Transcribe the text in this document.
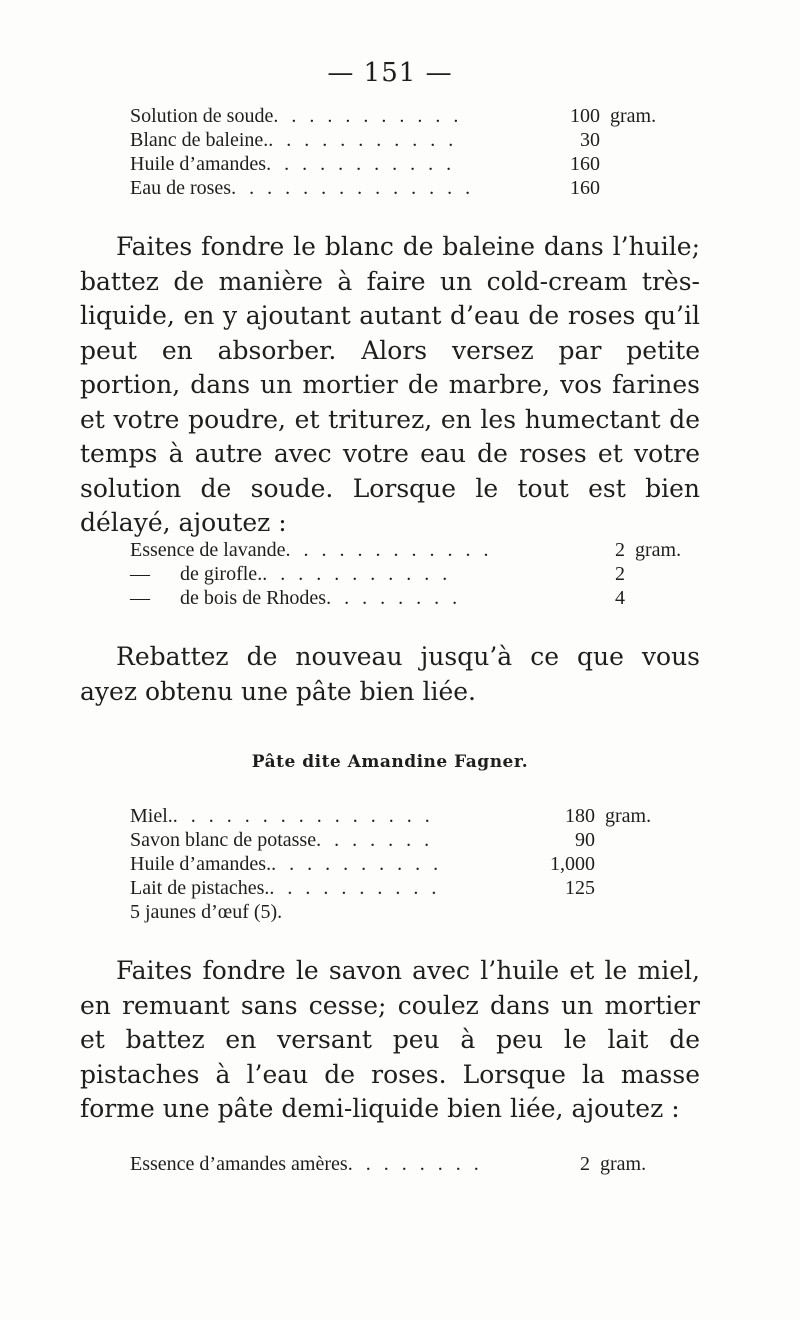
— 151 —
Solution de soude. . . . . . . . . . .	100 gram.
Blanc de baleine.. . . . . . . . . . .	30
Huile d’amandes. . . . . . . . . . .	160
Eau de roses. . . . . . . . . . . . . .	160

Faites fondre le blanc de baleine dans l’huile; battez de manière à faire un cold-cream très-liquide, en y ajoutant autant d’eau de roses qu’il peut en absorber. Alors versez par petite portion, dans un mortier de marbre, vos farines et votre poudre, et triturez, en les humectant de temps à autre avec votre eau de roses et votre solution de soude. Lorsque le tout est bien délayé, ajoutez :

Essence de lavande. . . . . . . . . . . .	2 gram.
—      de girofle.. . . . . . . . . . .	2
—      de bois de Rhodes. . . . . . . .	4

Rebattez de nouveau jusqu’à ce que vous ayez obtenu une pâte bien liée.

Pâte dite Amandine Fagner.
Miel.. . . . . . . . . . . . . . .	180 gram.
Savon blanc de potasse. . . . . . .	90
Huile d’amandes.. . . . . . . . . .	1,000
Lait de pistaches.. . . . . . . . . .	125
5 jaunes d’œuf (5).

Faites fondre le savon avec l’huile et le miel, en remuant sans cesse; coulez dans un mortier et battez en versant peu à peu le lait de pistaches à l’eau de roses. Lorsque la masse forme une pâte demi-liquide bien liée, ajoutez :

Essence d’amandes amères. . . . . . . .	2 gram.
